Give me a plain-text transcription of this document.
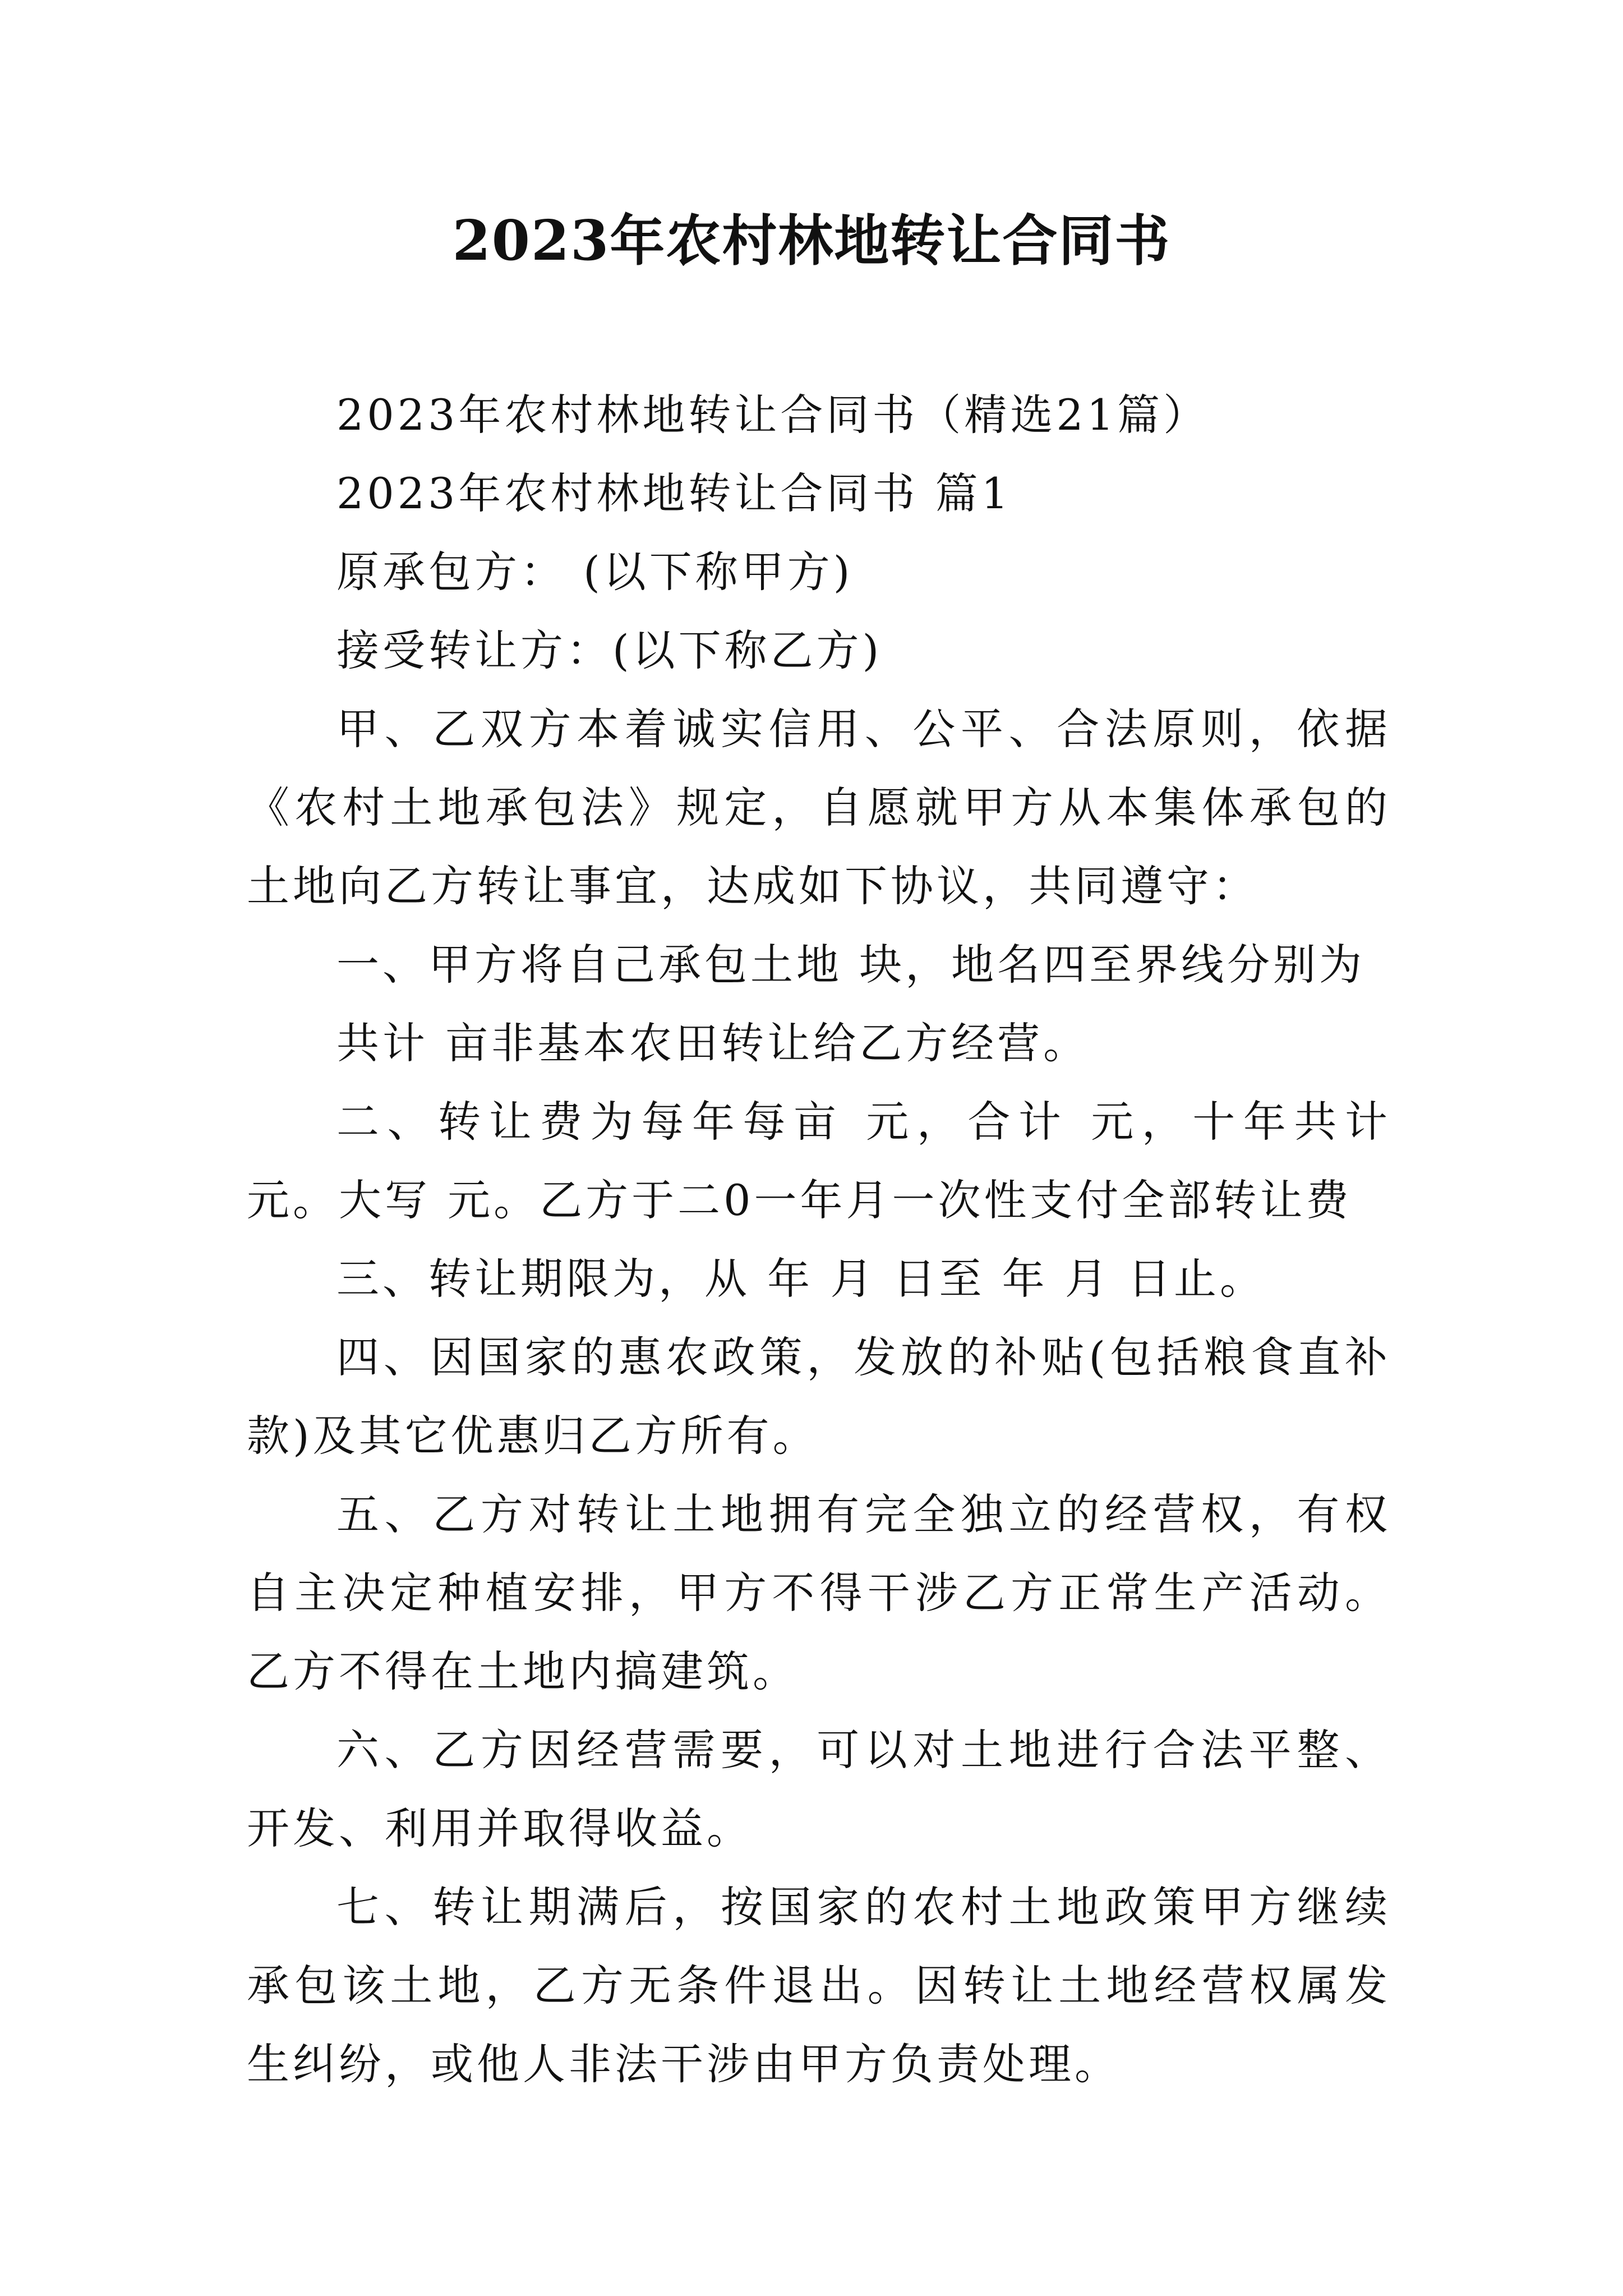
2023年农村林地转让合同书

2023年农村林地转让合同书（精选21篇）

2023年农村林地转让合同书 篇1

原承包方： (以下称甲方)

接受转让方：(以下称乙方)

甲、乙双方本着诚实信用、公平、合法原则，依据《农村土地承包法》规定，自愿就甲方从本集体承包的土地向乙方转让事宜，达成如下协议，共同遵守：

一、甲方将自己承包土地 块，地名四至界线分别为

共计 亩非基本农田转让给乙方经营。

二、转让费为每年每亩 元，合计 元，十年共计 元。大写 元。乙方于二0一年月一次性支付全部转让费

三、转让期限为，从 年 月 日至 年 月 日止。

四、因国家的惠农政策，发放的补贴(包括粮食直补款)及其它优惠归乙方所有。

五、乙方对转让土地拥有完全独立的经营权，有权自主决定种植安排，甲方不得干涉乙方正常生产活动。乙方不得在土地内搞建筑。

六、乙方因经营需要，可以对土地进行合法平整、开发、利用并取得收益。

七、转让期满后，按国家的农村土地政策甲方继续承包该土地，乙方无条件退出。因转让土地经营权属发生纠纷，或他人非法干涉由甲方负责处理。
